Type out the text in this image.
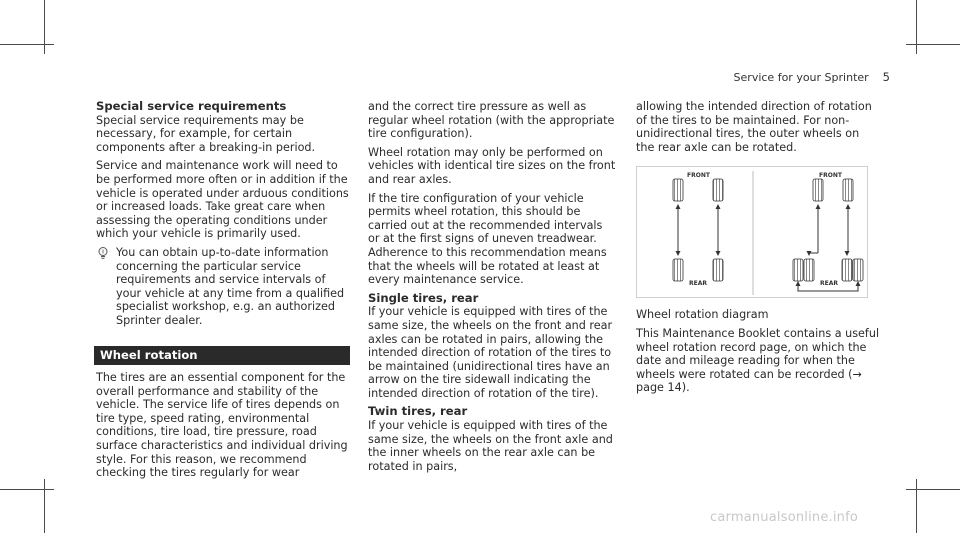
Service for your Sprinter 5
Special service requirements

Special service requirements may be necessary, for example, for certain components after a breaking-in period.

Service and maintenance work will need to be performed more often or in addition if the vehicle is operated under arduous conditions or increased loads. Take great care when assessing the operating conditions under which your vehicle is primarily used.

You can obtain up-to-date information concerning the particular service requirements and service intervals of your vehicle at any time from a qualified specialist workshop, e.g. an authorized Sprinter dealer.
Wheel rotation

The tires are an essential component for the overall performance and stability of the vehicle. The service life of tires depends on tire type, speed rating, environmental conditions, tire load, tire pressure, road surface characteristics and individual driving style. For this reason, we recommend checking the tires regularly for wear

and the correct tire pressure as well as regular wheel rotation (with the appropriate tire configuration).

Wheel rotation may only be performed on vehicles with identical tire sizes on the front and rear axles.

If the tire configuration of your vehicle permits wheel rotation, this should be carried out at the recommended intervals or at the first signs of uneven treadwear. Adherence to this recommendation means that the wheels will be rotated at least at every maintenance service.

Single tires, rear

If your vehicle is equipped with tires of the same size, the wheels on the front and rear axles can be rotated in pairs, allowing the intended direction of rotation of the tires to be maintained (unidirectional tires have an arrow on the tire sidewall indicating the intended direction of rotation of the tire).

Twin tires, rear

If your vehicle is equipped with tires of the same size, the wheels on the front axle and the inner wheels on the rear axle can be rotated in pairs,

allowing the intended direction of rotation of the tires to be maintained. For non-unidirectional tires, the outer wheels on the rear axle can be rotated.

FRONT
REAR
FRONT
REAR

Wheel rotation diagram

This Maintenance Booklet contains a useful wheel rotation record page, on which the date and mileage reading for when the wheels were rotated can be recorded (→ page 14).

carmanualsonline.info
